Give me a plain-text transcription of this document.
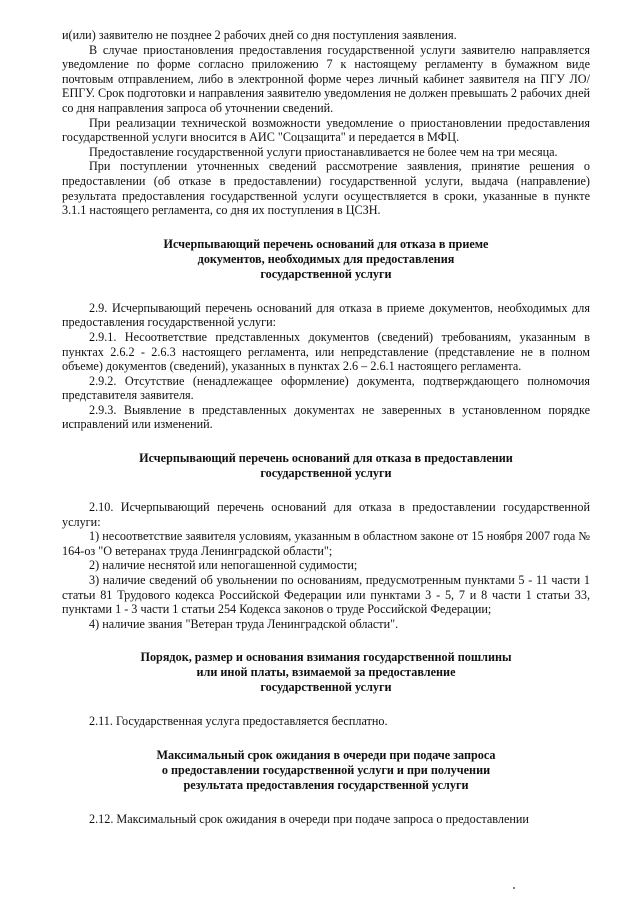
и(или) заявителю не позднее 2 рабочих дней со дня поступления заявления.

В случае приостановления предоставления государственной услуги заявителю направляется уведомление по форме согласно приложению 7 к настоящему регламенту в бумажном виде почтовым отправлением, либо в электронной форме через личный кабинет заявителя на ПГУ ЛО/ЕПГУ. Срок подготовки и направления заявителю уведомления не должен превышать 2 рабочих дней со дня направления запроса об уточнении сведений.

При реализации технической возможности уведомление о приостановлении предоставления государственной услуги вносится в АИС "Соцзащита" и передается в МФЦ.

Предоставление государственной услуги приостанавливается не более чем на три месяца.

При поступлении уточненных сведений рассмотрение заявления, принятие решения о предоставлении (об отказе в предоставлении) государственной услуги, выдача (направление) результата предоставления государственной услуги осуществляется в сроки, указанные в пункте 3.1.1 настоящего регламента, со дня их поступления в ЦСЗН.

Исчерпывающий перечень оснований для отказа в приеме
документов, необходимых для предоставления
государственной услуги

2.9. Исчерпывающий перечень оснований для отказа в приеме документов, необходимых для предоставления государственной услуги:

2.9.1. Несоответствие представленных документов (сведений) требованиям, указанным в пунктах 2.6.2 - 2.6.3 настоящего регламента, или непредставление (представление не в полном объеме) документов (сведений), указанных в пунктах 2.6 – 2.6.1 настоящего регламента.

2.9.2. Отсутствие (ненадлежащее оформление) документа, подтверждающего полномочия представителя заявителя.

2.9.3. Выявление в представленных документах не заверенных в установленном порядке исправлений или изменений.

Исчерпывающий перечень оснований для отказа в предоставлении
государственной услуги

2.10. Исчерпывающий перечень оснований для отказа в предоставлении государственной услуги:

1) несоответствие заявителя условиям, указанным в областном законе от 15 ноября 2007 года № 164-оз "О ветеранах труда Ленинградской области";

2) наличие неснятой или непогашенной судимости;

3) наличие сведений об увольнении по основаниям, предусмотренным пунктами 5 - 11 части 1 статьи 81 Трудового кодекса Российской Федерации или пунктами 3 - 5, 7 и 8 части 1 статьи 33, пунктами 1 - 3 части 1 статьи 254 Кодекса законов о труде Российской Федерации;

4) наличие звания "Ветеран труда Ленинградской области".

Порядок, размер и основания взимания государственной пошлины
или иной платы, взимаемой за предоставление
государственной услуги

2.11. Государственная услуга предоставляется бесплатно.

Максимальный срок ожидания в очереди при подаче запроса
о предоставлении государственной услуги и при получении
результата предоставления государственной услуги

2.12. Максимальный срок ожидания в очереди при подаче запроса о предоставлении
